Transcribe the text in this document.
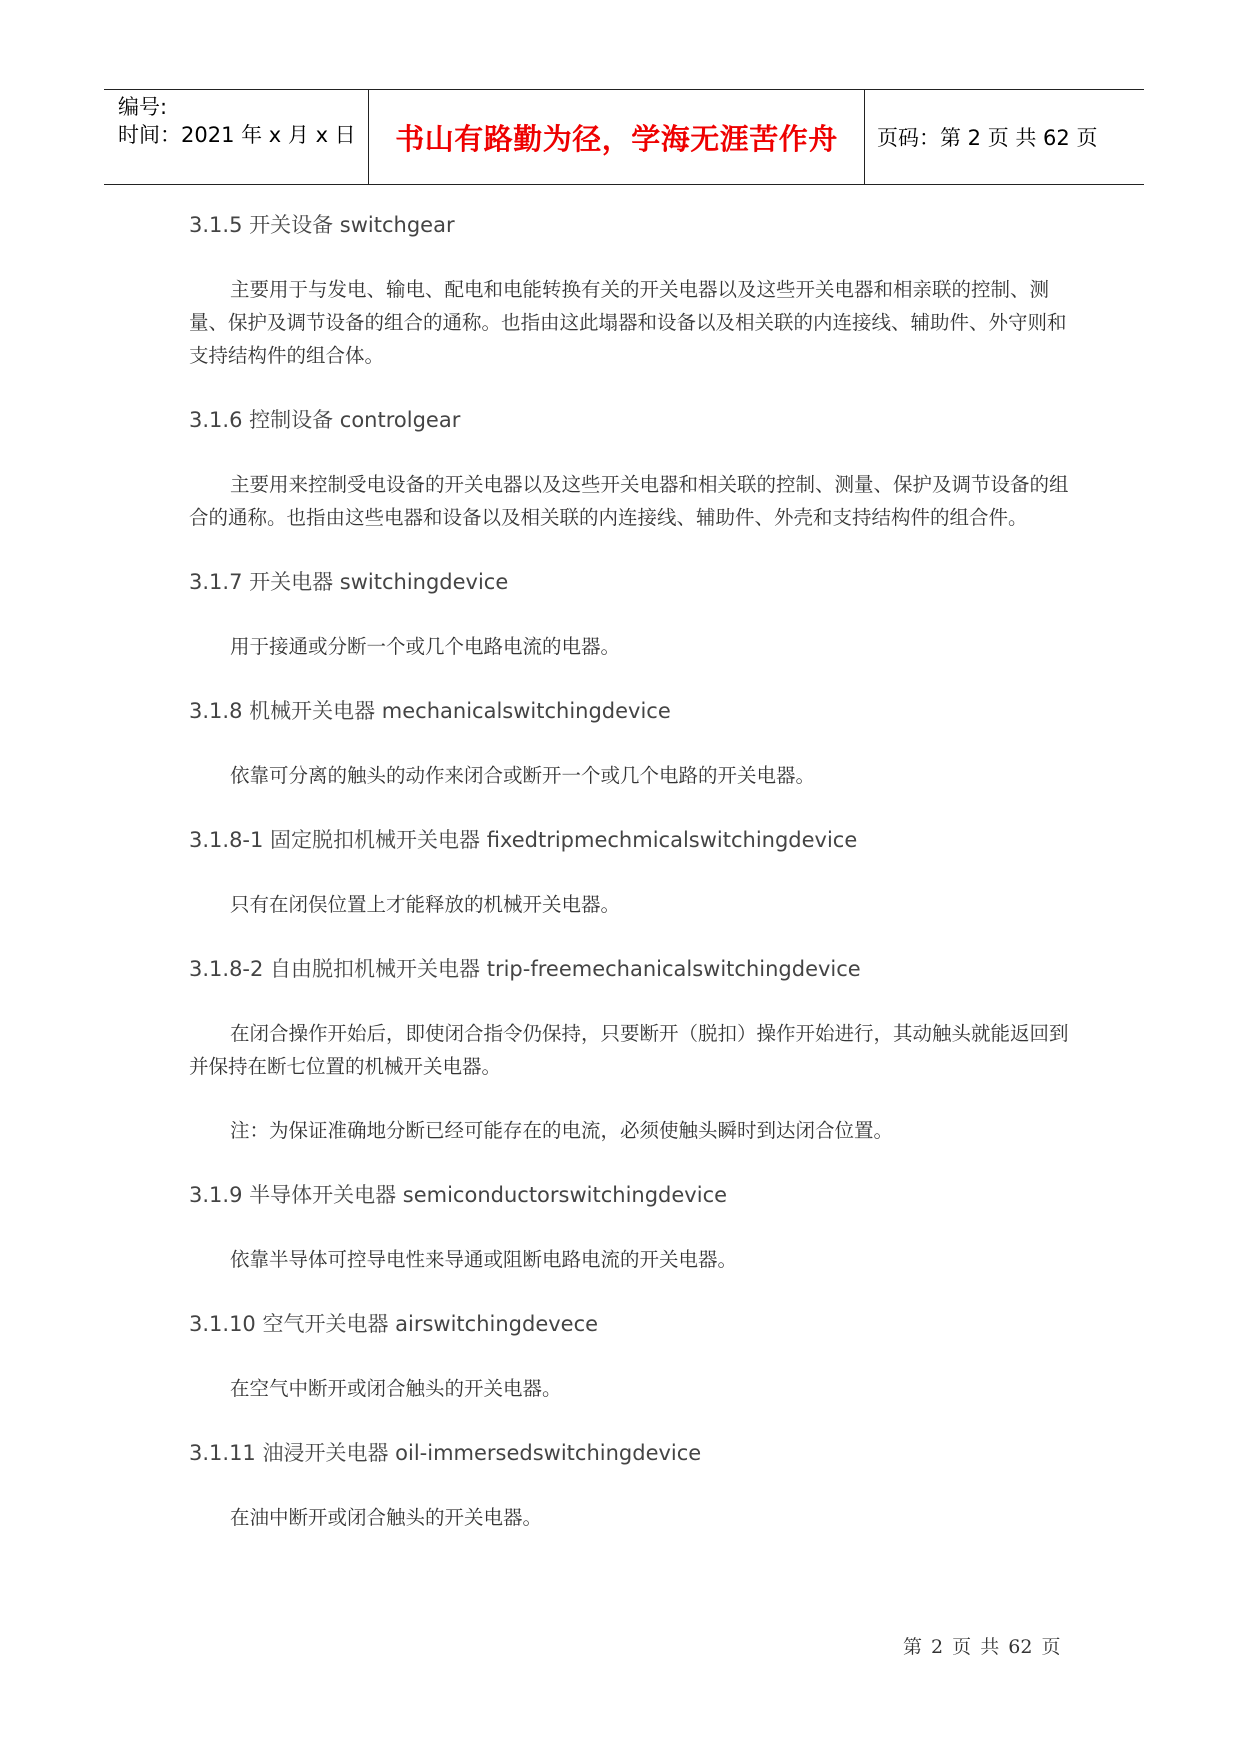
编号:
时间：2021 年 x 月 x 日	书山有路勤为径，学海无涯苦作舟 页码：第 2 页 共 62 页

3.1.5 开关设备 switchgear

主要用于与发电、输电、配电和电能转换有关的开关电器以及这些开关电器和相亲联的控制、测量、保护及调节设备的组合的通称。也指由这此塌器和设备以及相关联的内连接线、辅助件、外守则和支持结构件的组合体。

3.1.6 控制设备 controlgear

主要用来控制受电设备的开关电器以及这些开关电器和相关联的控制、测量、保护及调节设备的组合的通称。也指由这些电器和设备以及相关联的内连接线、辅助件、外壳和支持结构件的组合件。

3.1.7 开关电器 switchingdevice

用于接通或分断一个或几个电路电流的电器。

3.1.8 机械开关电器 mechanicalswitchingdevice

依靠可分离的触头的动作来闭合或断开一个或几个电路的开关电器。

3.1.8-1 固定脱扣机械开关电器 fixedtripmechmicalswitchingdevice

只有在闭俣位置上才能释放的机械开关电器。

3.1.8-2 自由脱扣机械开关电器 trip-freemechanicalswitchingdevice

在闭合操作开始后，即使闭合指令仍保持，只要断开（脱扣）操作开始进行，其动触头就能返回到并保持在断七位置的机械开关电器。

注：为保证准确地分断已经可能存在的电流，必须使触头瞬时到达闭合位置。

3.1.9 半导体开关电器 semiconductorswitchingdevice

依靠半导体可控导电性来导通或阻断电路电流的开关电器。

3.1.10 空气开关电器 airswitchingdevece

在空气中断开或闭合触头的开关电器。

3.1.11 油浸开关电器 oil-immersedswitchingdevice

在油中断开或闭合触头的开关电器。

第 2 页 共 62 页
